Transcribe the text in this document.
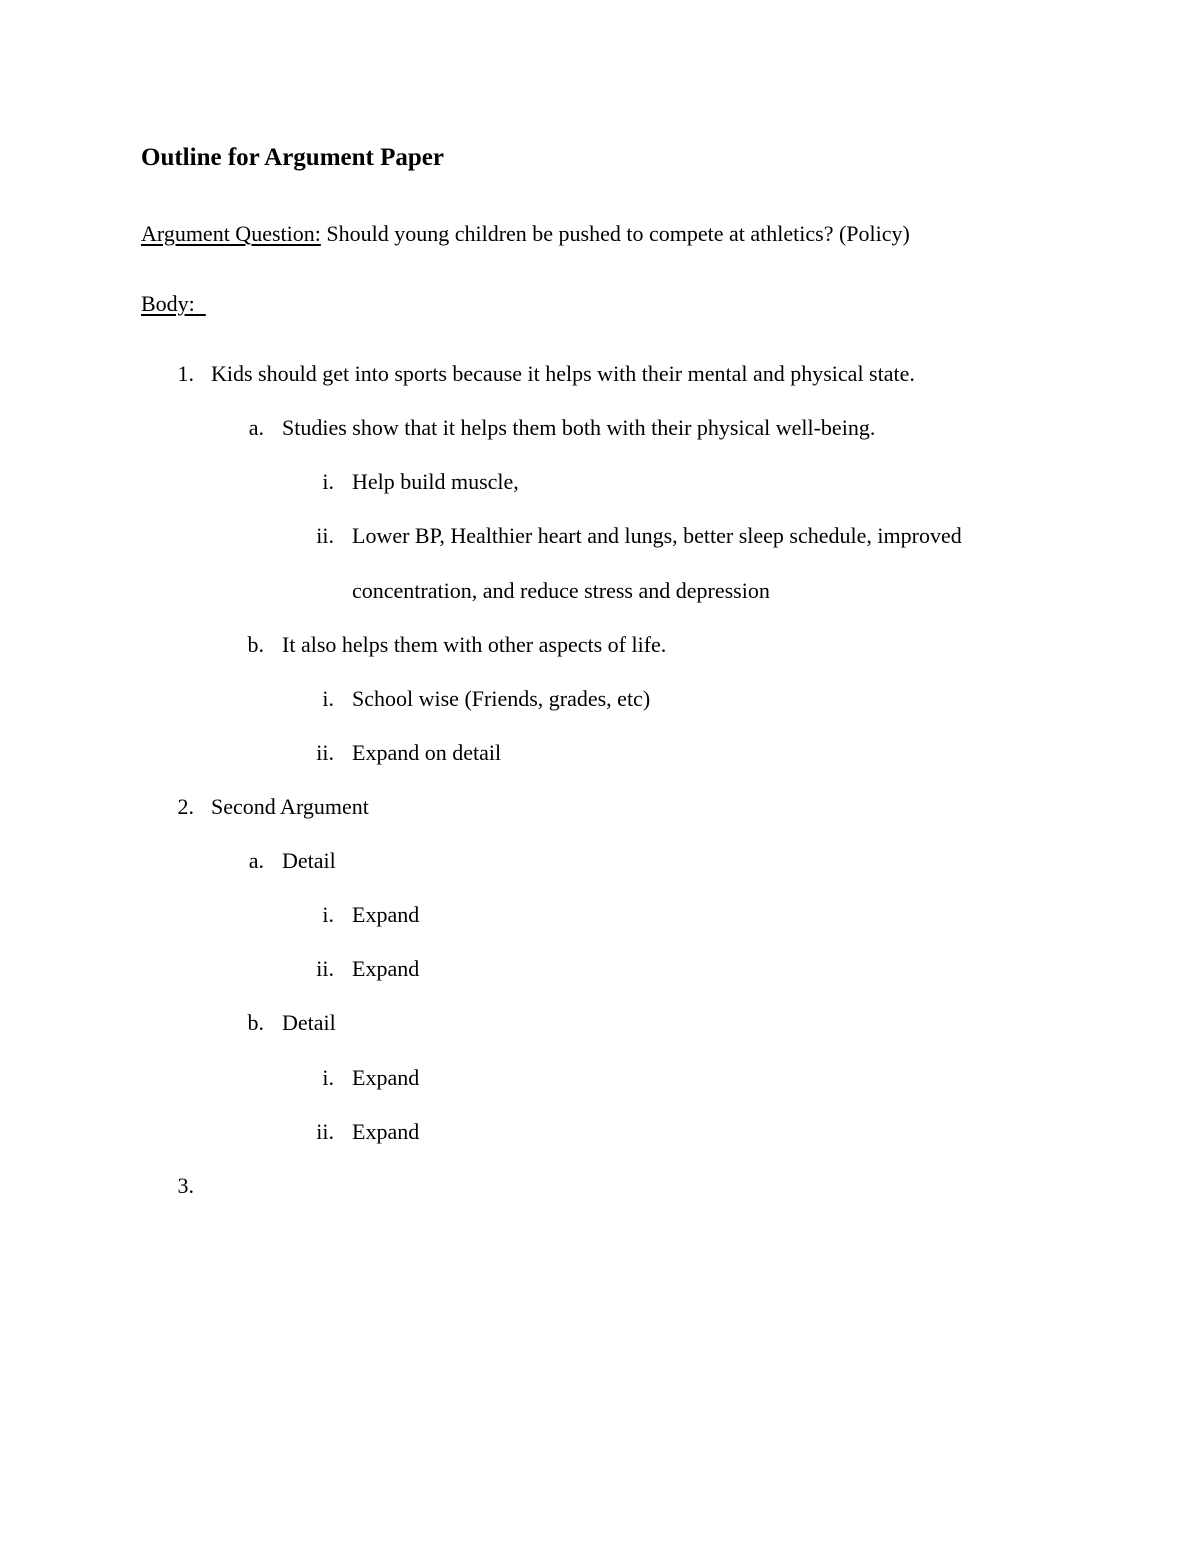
Outline for Argument Paper
Argument Question: Should young children be pushed to compete at athletics? (Policy)
Body:
1. Kids should get into sports because it helps with their mental and physical state.
a. Studies show that it helps them both with their physical well-being.
i. Help build muscle,
ii. Lower BP, Healthier heart and lungs, better sleep schedule, improved
concentration, and reduce stress and depression
b. It also helps them with other aspects of life.
i. School wise (Friends, grades, etc)
ii. Expand on detail
2. Second Argument
a. Detail
i. Expand
ii. Expand
b. Detail
i. Expand
ii. Expand
3.
